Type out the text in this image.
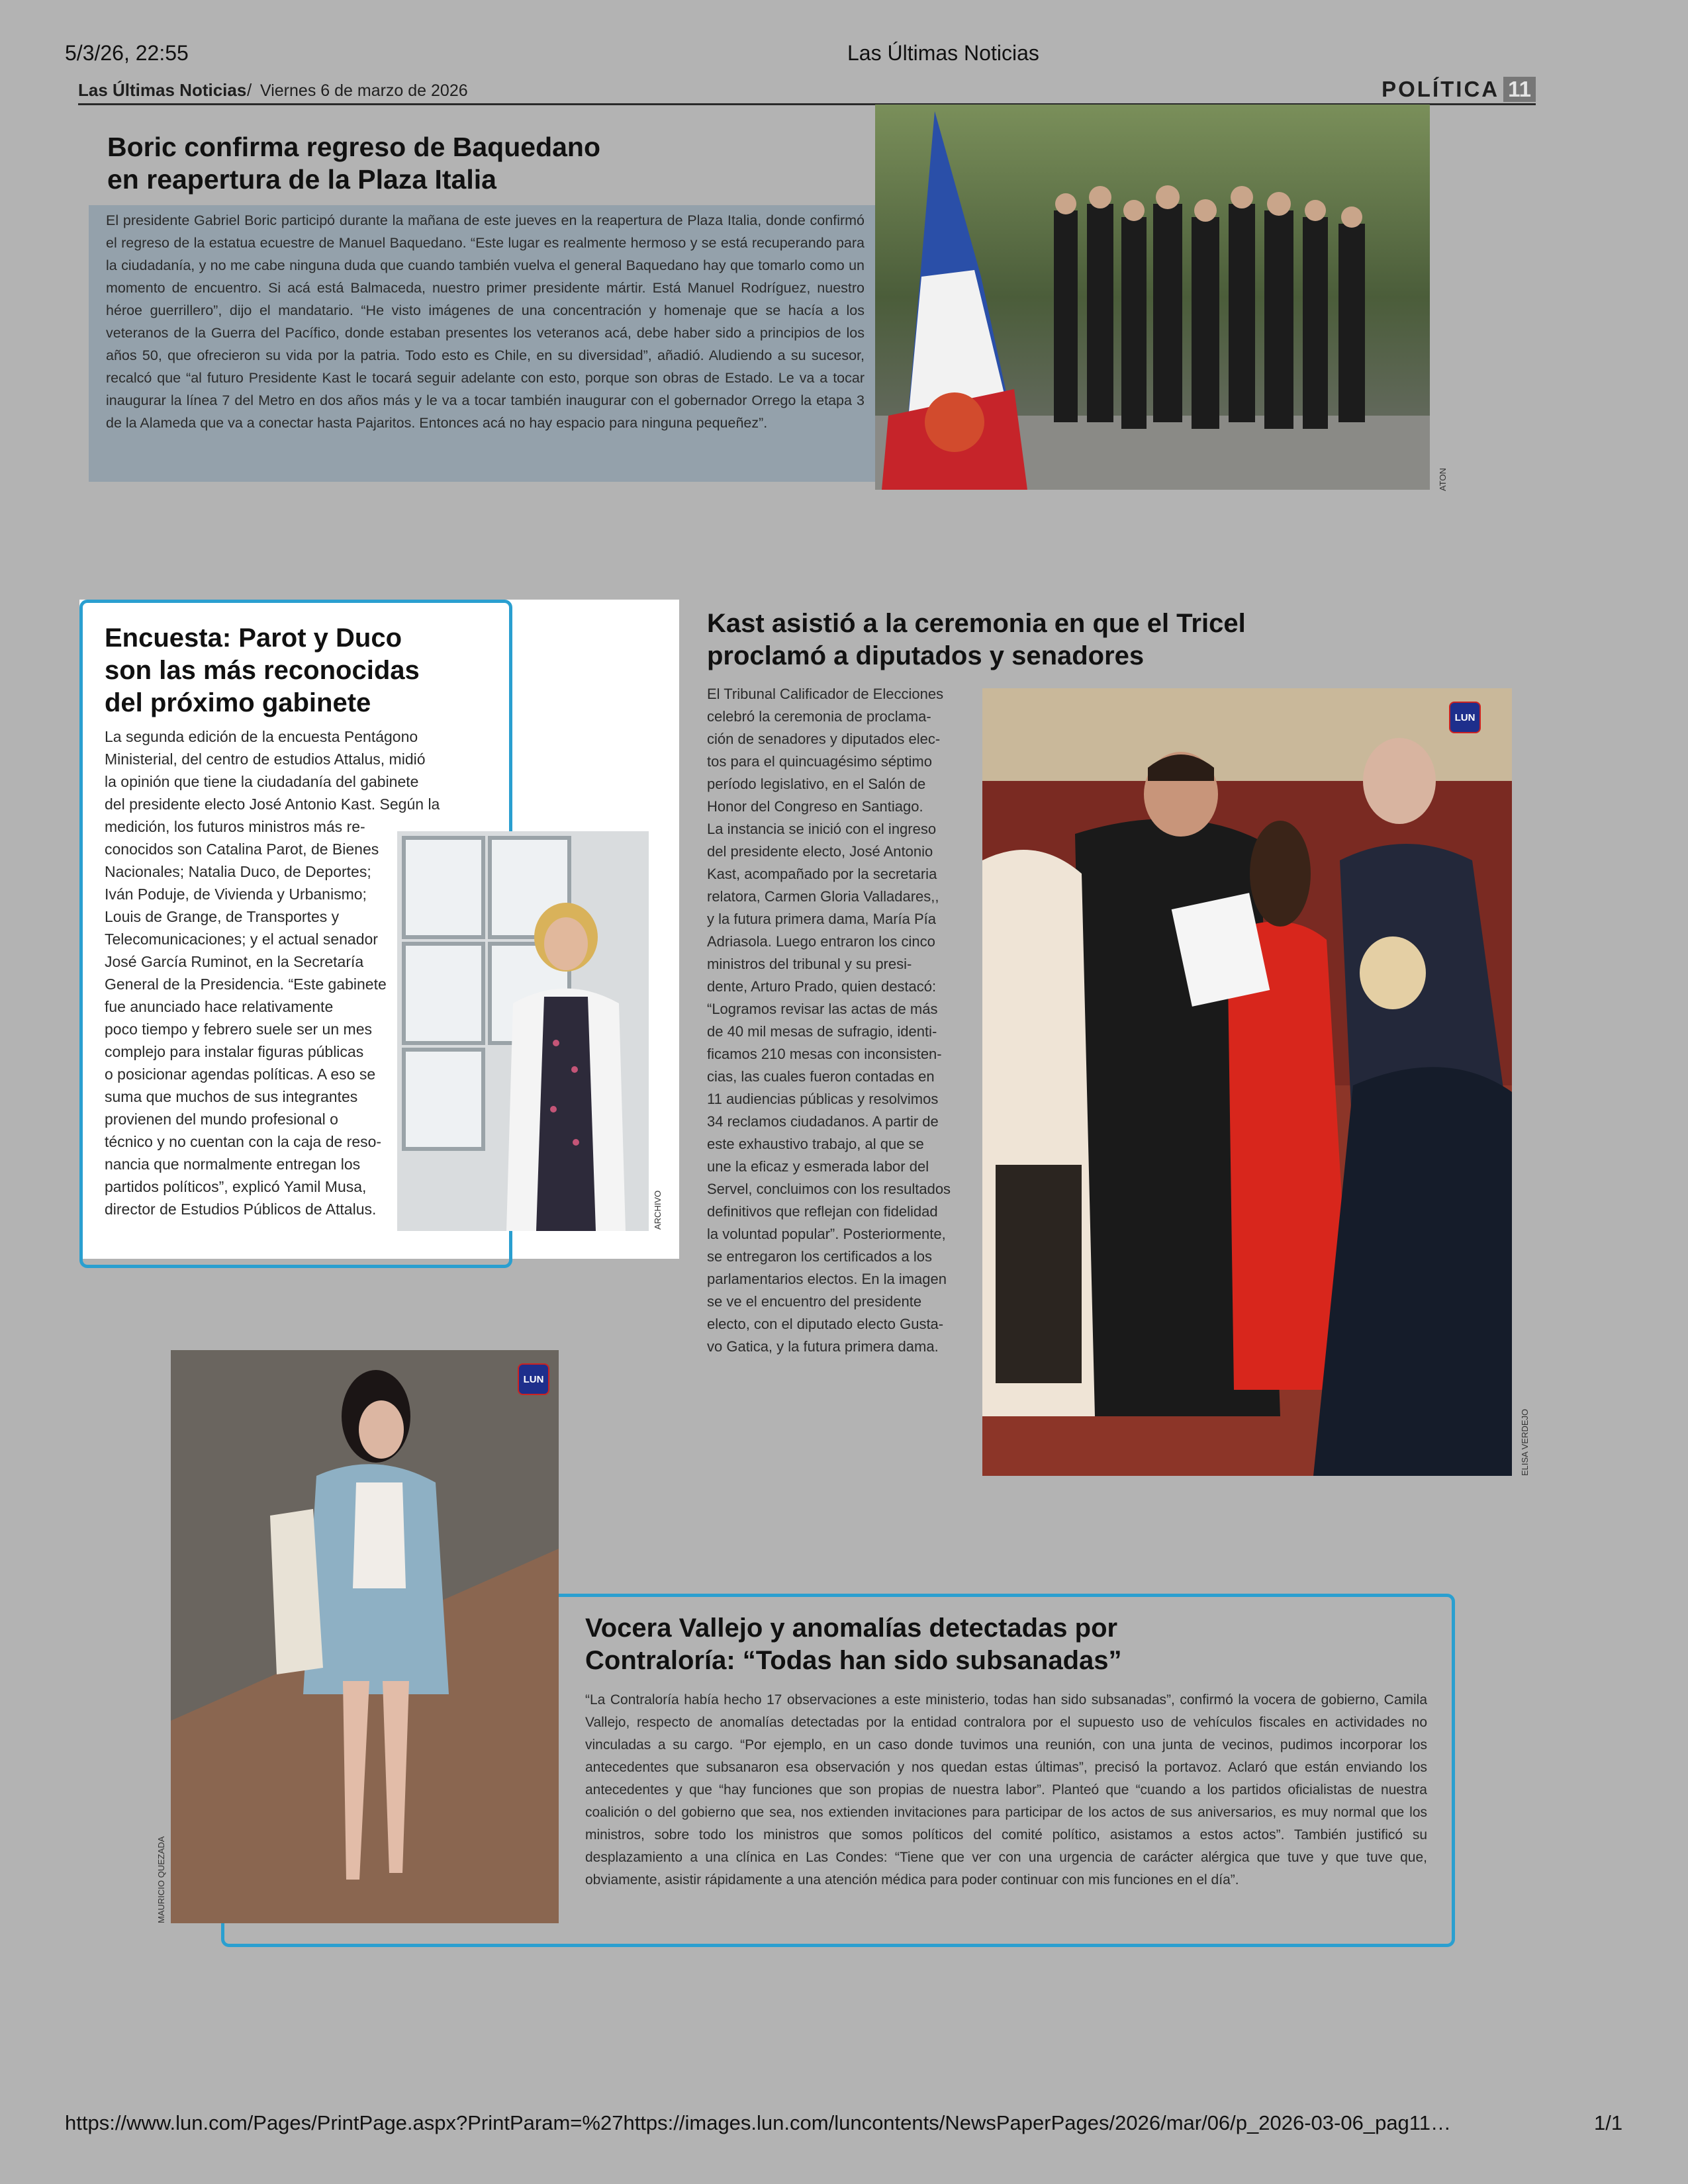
5/3/26, 22:55	Las Últimas Noticias
Las Últimas Noticias / Viernes 6 de marzo de 2026	POLÍTICA 11
Boric confirma regreso de Baquedano
en reapertura de la Plaza Italia
El presidente Gabriel Boric participó durante la mañana de este jueves en la reapertura de Plaza Italia, donde confirmó el regreso de la estatua ecuestre de Manuel Baquedano. “Este lugar es realmente hermoso y se está recuperando para la ciudadanía, y no me cabe ninguna duda que cuando también vuelva el general Baquedano hay que tomarlo como un momento de encuentro. Si acá está Balmaceda, nuestro primer presidente mártir. Está Manuel Rodríguez, nuestro héroe guerrillero”, dijo el mandatario. “He visto imágenes de una concentración y homenaje que se hacía a los veteranos de la Guerra del Pacífico, donde estaban presentes los veteranos acá, debe haber sido a principios de los años 50, que ofrecieron su vida por la patria. Todo esto es Chile, en su diversidad”, añadió. Aludiendo a su sucesor, recalcó que “al futuro Presidente Kast le tocará seguir adelante con esto, porque son obras de Estado. Le va a tocar inaugurar la línea 7 del Metro en dos años más y le va a tocar también inaugurar con el gobernador Orrego la etapa 3 de la Alameda que va a conectar hasta Pajaritos. Entonces acá no hay espacio para ninguna pequeñez”.
ATON
Encuesta: Parot y Duco
son las más reconocidas
del próximo gabinete
La segunda edición de la encuesta Pentágono
Ministerial, del centro de estudios Attalus, midió
la opinión que tiene la ciudadanía del gabinete
del presidente electo José Antonio Kast. Según la
medición, los futuros ministros más re-
conocidos son Catalina Parot, de Bienes
Nacionales; Natalia Duco, de Deportes;
Iván Poduje, de Vivienda y Urbanismo;
Louis de Grange, de Transportes y
Telecomunicaciones; y el actual senador
José García Ruminot, en la Secretaría
General de la Presidencia. “Este gabinete
fue anunciado hace relativamente
poco tiempo y febrero suele ser un mes
complejo para instalar figuras públicas
o posicionar agendas políticas. A eso se
suma que muchos de sus integrantes
provienen del mundo profesional o
técnico y no cuentan con la caja de reso-
nancia que normalmente entregan los
partidos políticos”, explicó Yamil Musa,
director de Estudios Públicos de Attalus.	ARCHIVO
Kast asistió a la ceremonia en que el Tricel
proclamó a diputados y senadores
El Tribunal Calificador de Elecciones
celebró la ceremonia de proclama-
ción de senadores y diputados elec-
tos para el quincuagésimo séptimo
período legislativo, en el Salón de
Honor del Congreso en Santiago.
La instancia se inició con el ingreso
del presidente electo, José Antonio
Kast, acompañado por la secretaria
relatora, Carmen Gloria Valladares,,
y la futura primera dama, María Pía
Adriasola. Luego entraron los cinco
ministros del tribunal y su presi-
dente, Arturo Prado, quien destacó:
“Logramos revisar las actas de más
de 40 mil mesas de sufragio, identi-
ficamos 210 mesas con inconsisten-
cias, las cuales fueron contadas en
11 audiencias públicas y resolvimos
34 reclamos ciudadanos. A partir de
este exhaustivo trabajo, al que se
une la eficaz y esmerada labor del
Servel, concluimos con los resultados
definitivos que reflejan con fidelidad
la voluntad popular”. Posteriormente,
se entregaron los certificados a los
parlamentarios electos. En la imagen
se ve el encuentro del presidente
electo, con el diputado electo Gusta-
vo Gatica, y la futura primera dama.
LUN
ELISA VERDEJO
LUN
MAURICIO QUEZADA
Vocera Vallejo y anomalías detectadas por
Contraloría: “Todas han sido subsanadas”
“La Contraloría había hecho 17 observaciones a este ministerio, todas han sido subsanadas”, confirmó la vocera de gobierno, Camila Vallejo, respecto de anomalías detectadas por la entidad contralora por el supuesto uso de vehículos fiscales en actividades no vinculadas a su cargo. “Por ejemplo, en un caso donde tuvimos una reunión, con una junta de vecinos, pudimos incorporar los antecedentes que subsanaron esa observación y nos quedan estas últimas”, precisó la portavoz. Aclaró que están enviando los antecedentes y que “hay funciones que son propias de nuestra labor”. Planteó que “cuando a los partidos oficialistas de nuestra coalición o del gobierno que sea, nos extienden invitaciones para participar de los actos de sus aniversarios, es muy normal que los ministros, sobre todo los ministros que somos políticos del comité político, asistamos a estos actos”. También justificó su desplazamiento a una clínica en Las Condes: “Tiene que ver con una urgencia de carácter alérgica que tuve y que tuve que, obviamente, asistir rápidamente a una atención médica para poder continuar con mis funciones en el día”.
https://www.lun.com/Pages/PrintPage.aspx?PrintParam=%27https://images.lun.com/luncontents/NewsPaperPages/2026/mar/06/p_2026-03-06_pag11…	1/1
